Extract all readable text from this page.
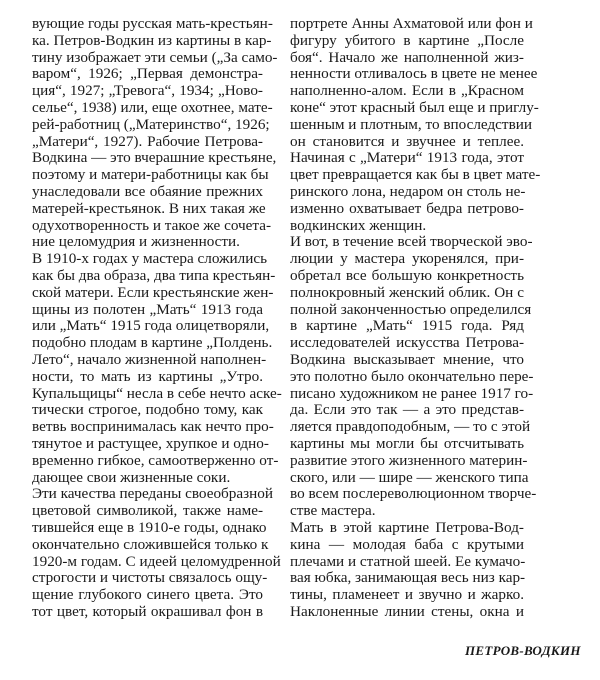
вующие годы русская мать-крестьян-
ка. Петров-Водкин из картины в кар-
тину изображает эти семьи („За само-
варом“, 1926; „Первая демонстра-
ция“, 1927; „Тревога“, 1934; „Ново-
селье“, 1938) или, еще охотнее, мате-
рей-работниц („Материнство“, 1926;
„Матери“, 1927). Рабочие Петрова-
Водкина — это вчерашние крестьяне,
поэтому и матери-работницы как бы
унаследовали все обаяние прежних
матерей-крестьянок. В них такая же
одухотворенность и такое же сочета-
ние целомудрия и жизненности.
В 1910-х годах у мастера сложились
как бы два образа, два типа крестьян-
ской матери. Если крестьянские жен-
щины из полотен „Мать“ 1913 года
или „Мать“ 1915 года олицетворяли,
подобно плодам в картине „Полдень.
Лето“, начало жизненной наполнен-
ности, то мать из картины „Утро.
Купальщицы“ несла в себе нечто аске-
тически строгое, подобно тому, как
ветвь воспринималась как нечто про-
тянутое и растущее, хрупкое и одно-
временно гибкое, самоотверженно от-
дающее свои жизненные соки.
Эти качества переданы своеобразной
цветовой символикой, также наме-
тившейся еще в 1910-е годы, однако
окончательно сложившейся только к
1920-м годам. С идеей целомудренной
строгости и чистоты связалось ощу-
щение глубокого синего цвета. Это
тот цвет, который окрашивал фон в
портрете Анны Ахматовой или фон и
фигуру убитого в картине „После
боя“. Начало же наполненной жиз-
ненности отливалось в цвете не менее
наполненно-алом. Если в „Красном
коне“ этот красный был еще и приглу-
шенным и плотным, то впоследствии
он становится и звучнее и теплее.
Начиная с „Матери“ 1913 года, этот
цвет превращается как бы в цвет мате-
ринского лона, недаром он столь не-
изменно охватывает бедра петрово-
водкинских женщин.
И вот, в течение всей творческой эво-
люции у мастера укоренялся, при-
обретал все большую конкретность
полнокровный женский облик. Он с
полной законченностью определился
в картине „Мать“ 1915 года. Ряд
исследователей искусства Петрова-
Водкина высказывает мнение, что
это полотно было окончательно пере-
писано художником не ранее 1917 го-
да. Если это так — а это представ-
ляется правдоподобным, — то с этой
картины мы могли бы отсчитывать
развитие этого жизненного материн-
ского, или — шире — женского типа
во всем послереволюционном творче-
стве мастера.
Мать в этой картине Петрова-Вод-
кина — молодая баба с крутыми
плечами и статной шеей. Ее кумачо-
вая юбка, занимающая весь низ кар-
тины, пламенеет и звучно и жарко.
Наклоненные линии стены, окна и
ПЕТРОВ-ВОДКИН
